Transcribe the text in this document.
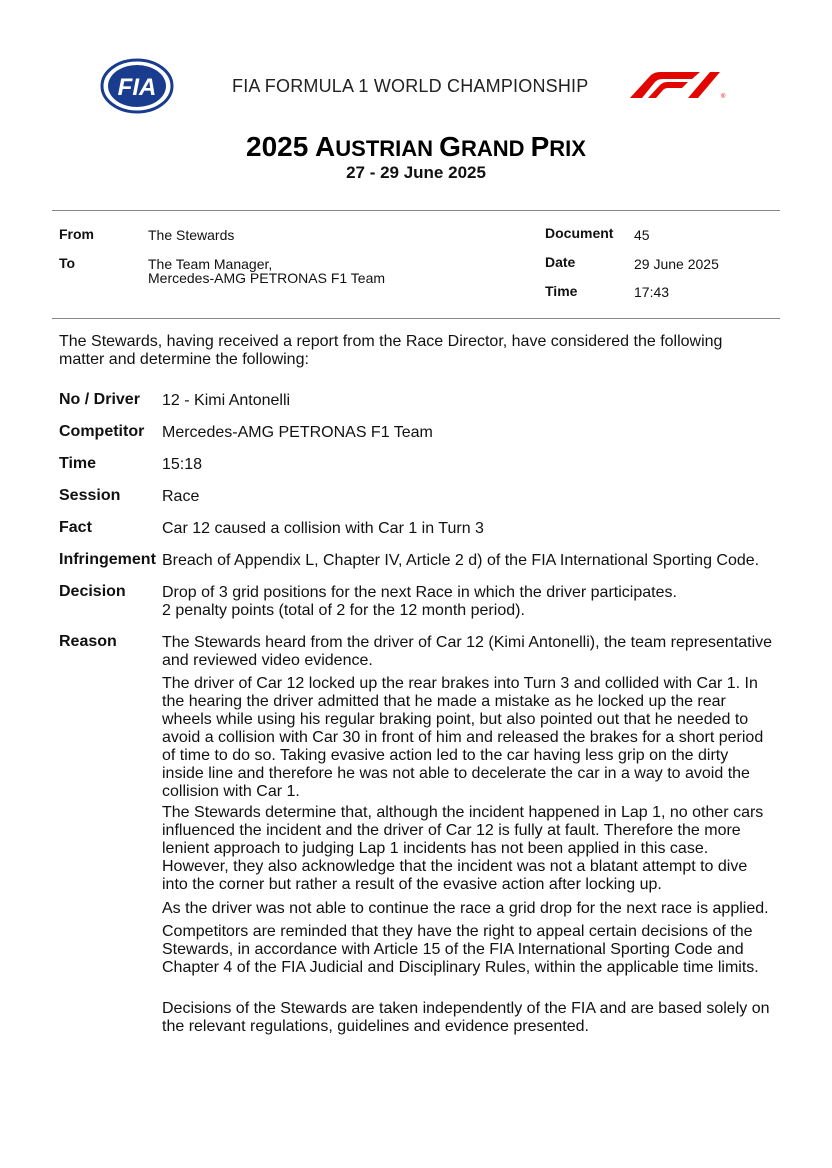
FIA	FIA FORMULA 1 WORLD CHAMPIONSHIP
®
2025 AUSTRIAN GRAND PRIX
27 - 29 June 2025
From	The Stewards
To	The Team Manager,
Mercedes-AMG PETRONAS F1 Team
Document 45
Date	29 June 2025
Time	17:43
The Stewards, having received a report from the Race Director, have considered the following matter and determine the following:
No / Driver 12 - Kimi Antonelli
Competitor Mercedes-AMG PETRONAS F1 Team
Time	15:18
Session	Race
Fact	Car 12 caused a collision with Car 1 in Turn 3
Infringement Breach of Appendix L, Chapter IV, Article 2 d) of the FIA International Sporting Code.
Decision Drop of 3 grid positions for the next Race in which the driver participates.
2 penalty points (total of 2 for the 12 month period).
Reason	The Stewards heard from the driver of Car 12 (Kimi Antonelli), the team representative and reviewed video evidence.
The driver of Car 12 locked up the rear brakes into Turn 3 and collided with Car 1. In the hearing the driver admitted that he made a mistake as he locked up the rear wheels while using his regular braking point, but also pointed out that he needed to avoid a collision with Car 30 in front of him and released the brakes for a short period of time to do so. Taking evasive action led to the car having less grip on the dirty inside line and therefore he was not able to decelerate the car in a way to avoid the collision with Car 1.
The Stewards determine that, although the incident happened in Lap 1, no other cars influenced the incident and the driver of Car 12 is fully at fault. Therefore the more lenient approach to judging Lap 1 incidents has not been applied in this case. However, they also acknowledge that the incident was not a blatant attempt to dive into the corner but rather a result of the evasive action after locking up.
As the driver was not able to continue the race a grid drop for the next race is applied.
Competitors are reminded that they have the right to appeal certain decisions of the Stewards, in accordance with Article 15 of the FIA International Sporting Code and Chapter 4 of the FIA Judicial and Disciplinary Rules, within the applicable time limits.
Decisions of the Stewards are taken independently of the FIA and are based solely on the relevant regulations, guidelines and evidence presented.
